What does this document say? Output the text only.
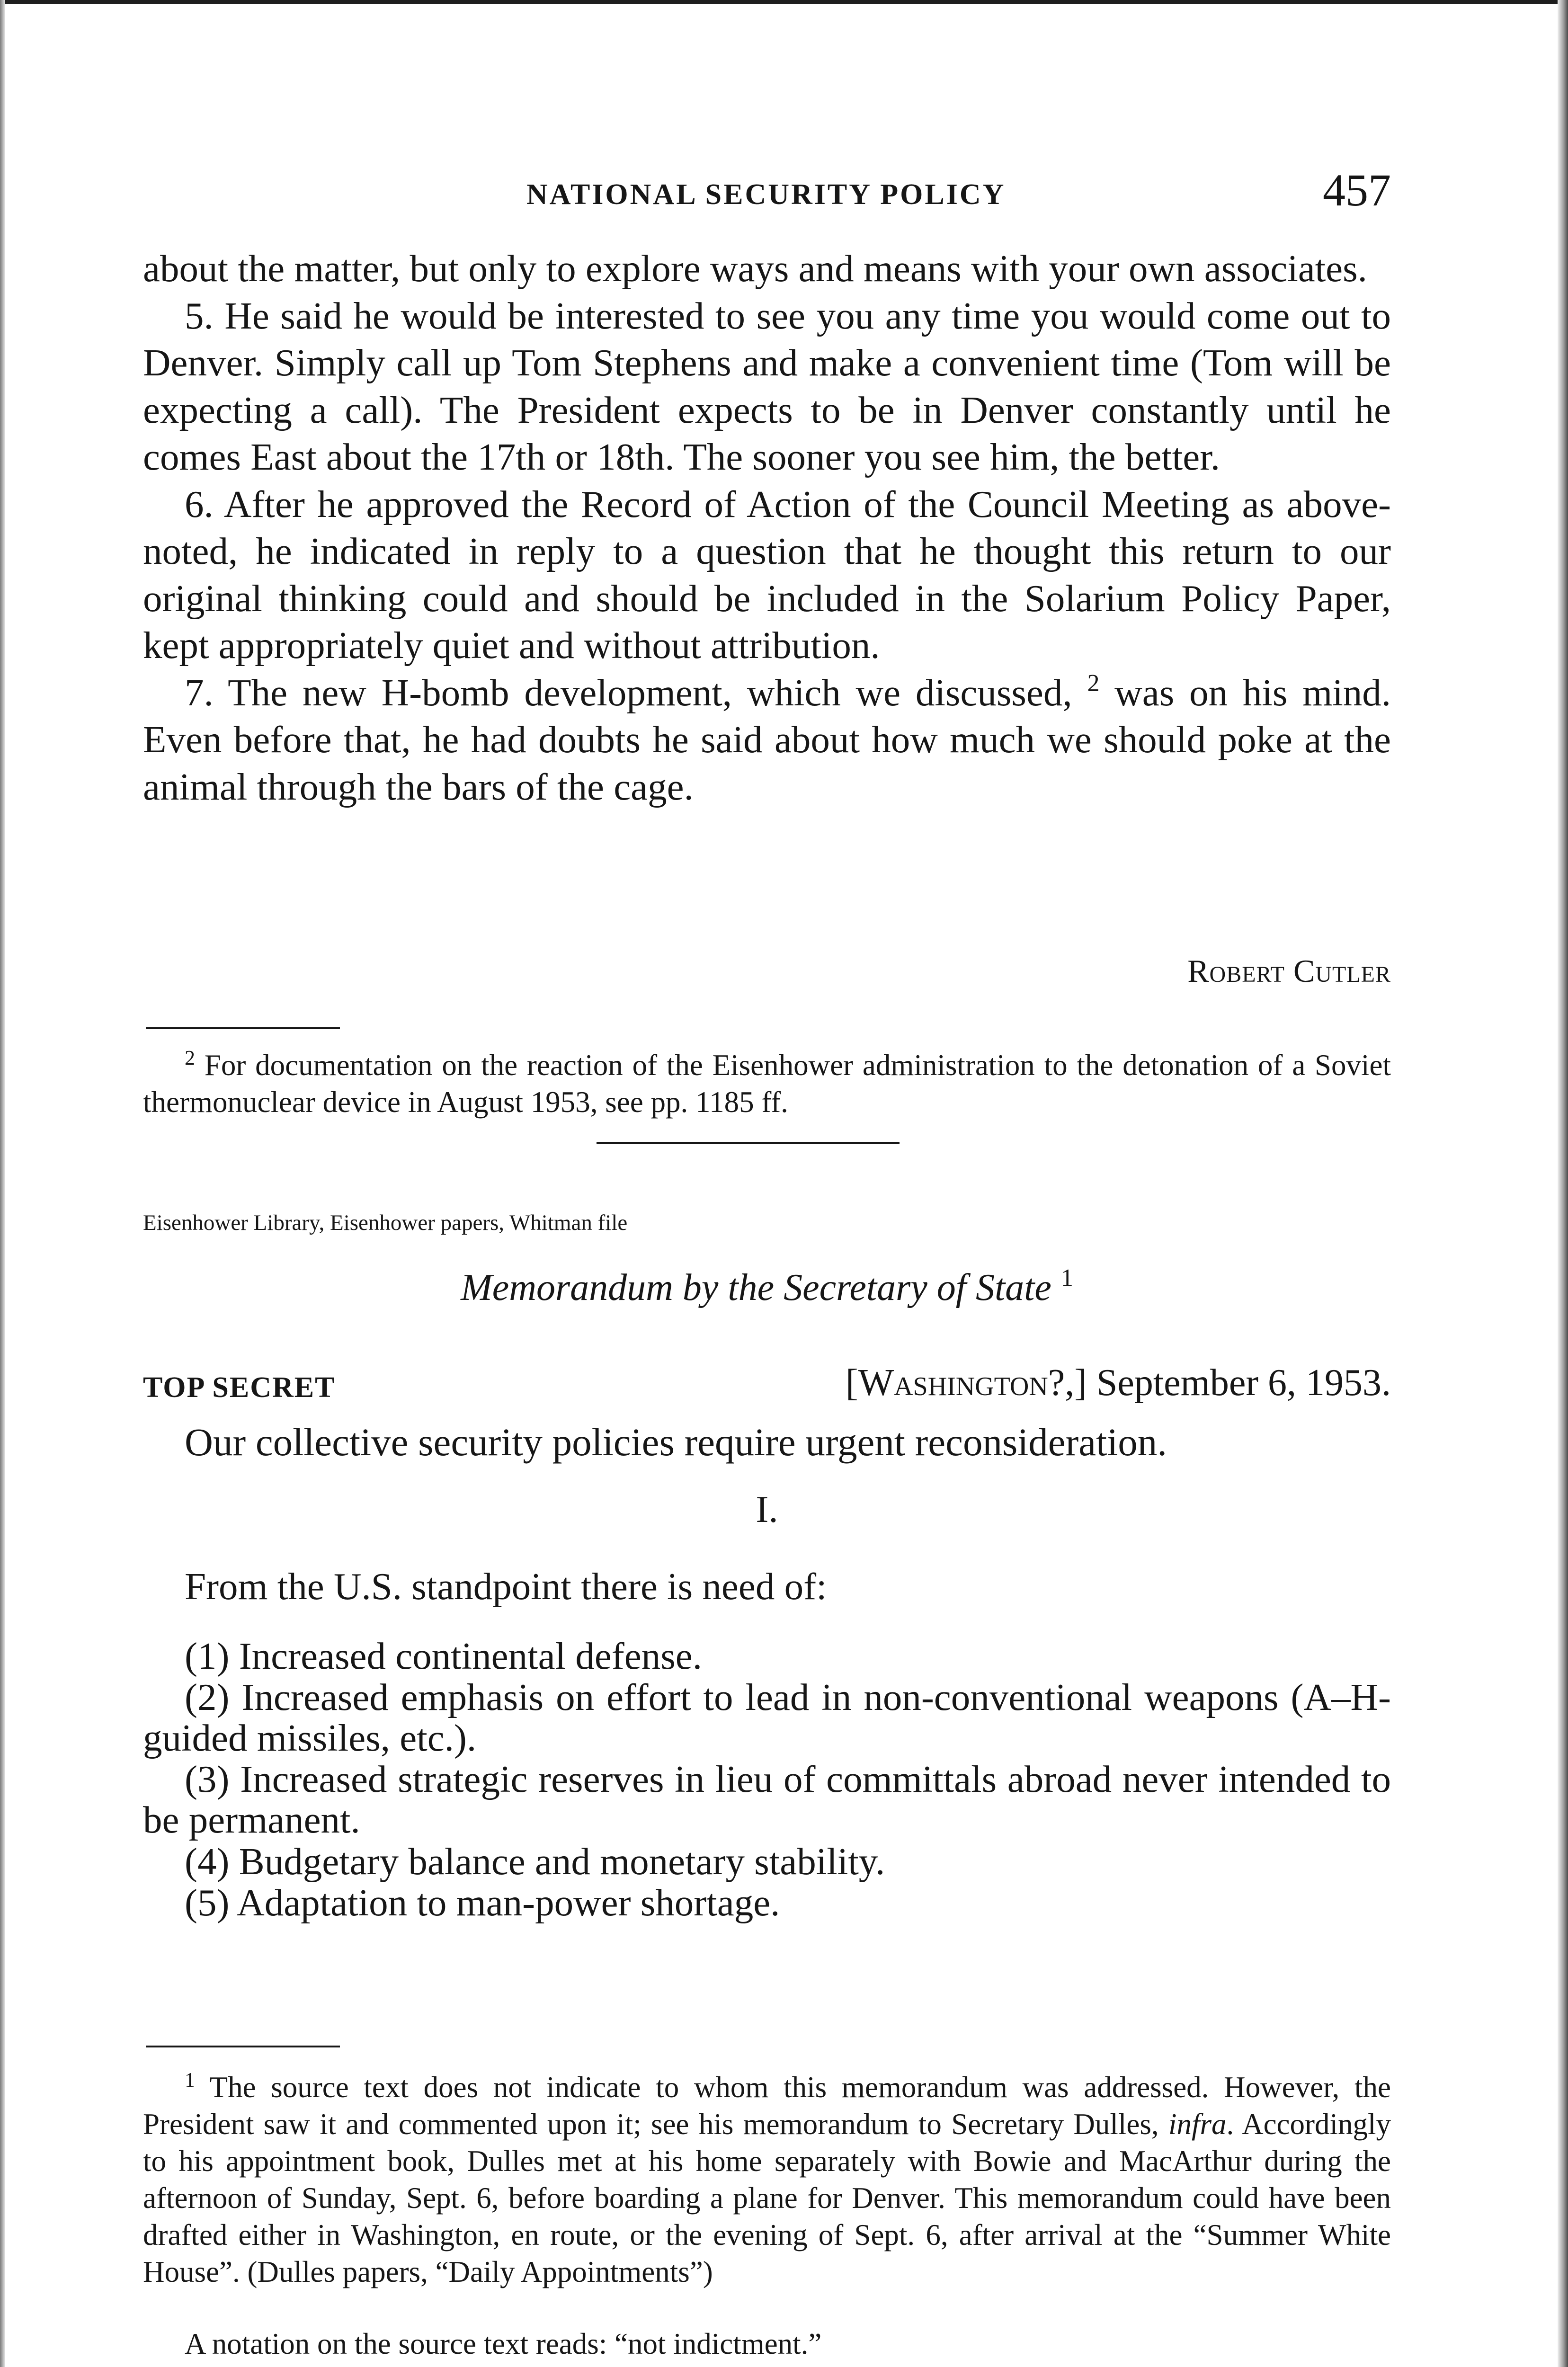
NATIONAL SECURITY POLICY	457

about the matter, but only to explore ways and means with your own associates.

5. He said he would be interested to see you any time you would come out to Denver. Simply call up Tom Stephens and make a convenient time (Tom will be expecting a call). The President expects to be in Denver constantly until he comes East about the 17th or 18th. The sooner you see him, the better.

6. After he approved the Record of Action of the Council Meeting as above-noted, he indicated in reply to a question that he thought this return to our original thinking could and should be included in the Solarium Policy Paper, kept appropriately quiet and without attribution.

7. The new H-bomb development, which we discussed, $^2$ was on his mind. Even before that, he had doubts he said about how much we should poke at the animal through the bars of the cage.

Robert Cutler
$^2$ For documentation on the reaction of the Eisenhower administration to the detonation of a Soviet thermonuclear device in August 1953, see pp. 1185 ff.
Eisenhower Library, Eisenhower papers, Whitman file
Memorandum by the Secretary of State $^1$
TOP SECRET	[Washington?,] September 6, 1953.
Our collective security policies require urgent reconsideration.
I.
From the U.S. standpoint there is need of:
(1) Increased continental defense.
(2) Increased emphasis on effort to lead in non-conventional weapons (A–H-guided missiles, etc.).
(3) Increased strategic reserves in lieu of committals abroad never intended to be permanent.
(4) Budgetary balance and monetary stability.
(5) Adaptation to man-power shortage.
$^1$ The source text does not indicate to whom this memorandum was addressed. However, the President saw it and commented upon it; see his memorandum to Secretary Dulles, infra. Accordingly to his appointment book, Dulles met at his home separately with Bowie and MacArthur during the afternoon of Sunday, Sept. 6, before boarding a plane for Denver. This memorandum could have been drafted either in Washington, en route, or the evening of Sept. 6, after arrival at the “Summer White House”. (Dulles papers, “Daily Appointments”)
A notation on the source text reads: “not indictment.”
